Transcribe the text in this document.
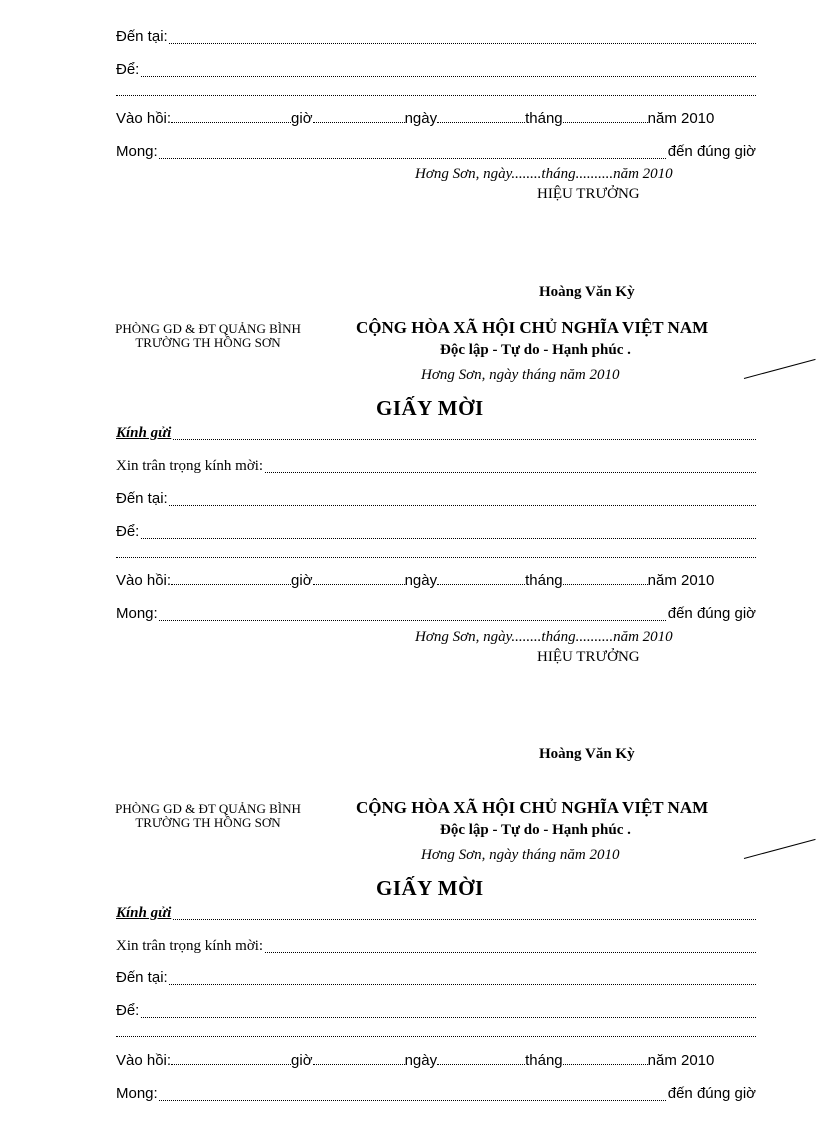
Đến tại:
Để:
Vào hồi:	giờ	ngày	tháng	năm 2010
Mong:	đến đúng giờ
Hơng Sơn, ngày........tháng..........năm 2010
HIỆU TRƯỞNG
Hoàng Văn Kỳ
PHÒNG GD & ĐT QUẢNG BÌNH
TRƯỜNG TH HỒNG SƠN
CỘNG HÒA XÃ HỘI CHỦ NGHĨA VIỆT NAM
Độc lập - Tự do - Hạnh phúc .
Hơng Sơn, ngày tháng năm 2010
GIẤY MỜI
Kính gửi
Xin trân trọng kính mời:
Đến tại:
Để:
Vào hồi:	giờ	ngày	tháng	năm 2010
Mong:	đến đúng giờ
Hơng Sơn, ngày........tháng..........năm 2010
HIỆU TRƯỞNG
Hoàng Văn Kỳ
PHÒNG GD & ĐT QUẢNG BÌNH
TRƯỜNG TH HỒNG SƠN
CỘNG HÒA XÃ HỘI CHỦ NGHĨA VIỆT NAM
Độc lập - Tự do - Hạnh phúc .
Hơng Sơn, ngày tháng năm 2010
GIẤY MỜI
Kính gửi
Xin trân trọng kính mời:
Đến tại:
Để:
Vào hồi:	giờ	ngày	tháng	năm 2010
Mong:	đến đúng giờ
